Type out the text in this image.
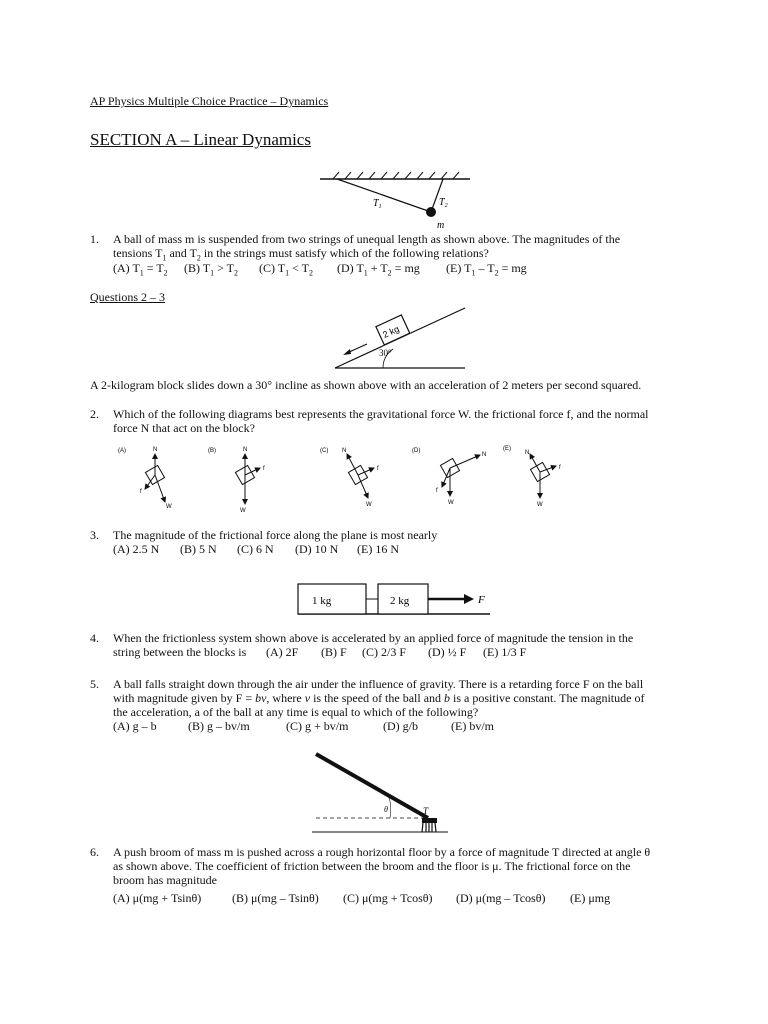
AP Physics Multiple Choice Practice – Dynamics
SECTION A – Linear Dynamics
$T_1$	$T_2$
m
1. A ball of mass m is suspended from two strings of unequal length as shown above. The magnitudes of the
tensions $T_1$ and $T_2$ in the strings must satisfy which of the following relations?
(A) $T_1 = T_2$ (B) $T_1 > T_2$ (C) $T_1 < T_2$ (D) $T_1 + T_2$ = mg (E) $T_1 - T_2$ = mg
Questions 2 – 3
2 kg
30°
A 2-kilogram block slides down a 30° incline as shown above with an acceleration of 2 meters per second squared.
2. Which of the following diagrams best represents the gravitational force W. the frictional force f, and the normal
force N that act on the block?
(A)	N
f
W
(B)	N
f
W
(C) N
f
W
(D)
N
f
W
(E)
N
f
W
3. The magnitude of the frictional force along the plane is most nearly
(A) 2.5 N (B) 5 N (C) 6 N (D) 10 N (E) 16 N
1 kg	2 kg	F
4. When the frictionless system shown above is accelerated by an applied force of magnitude the tension in the
string between the blocks is (A) 2F (B) F (C) 2/3 F (D) ½ F (E) 1/3 F
5. A ball falls straight down through the air under the influence of gravity. There is a retarding force F on the ball
with magnitude given by F = bv, where v is the speed of the ball and b is a positive constant. The magnitude of
the acceleration, a of the ball at any time is equal to which of the following?
(A) g – b	(B) g – bv/m	(C) g + bv/m	(D) g/b	(E) bv/m
θ	T
6. A push broom of mass m is pushed across a rough horizontal floor by a force of magnitude T directed at angle θ
as shown above. The coefficient of friction between the broom and the floor is μ. The frictional force on the
broom has magnitude
(A) μ(mg + Tsinθ)	(B) μ(mg – Tsinθ) (C) μ(mg + Tcosθ) (D) μ(mg – Tcosθ) (E) μmg
